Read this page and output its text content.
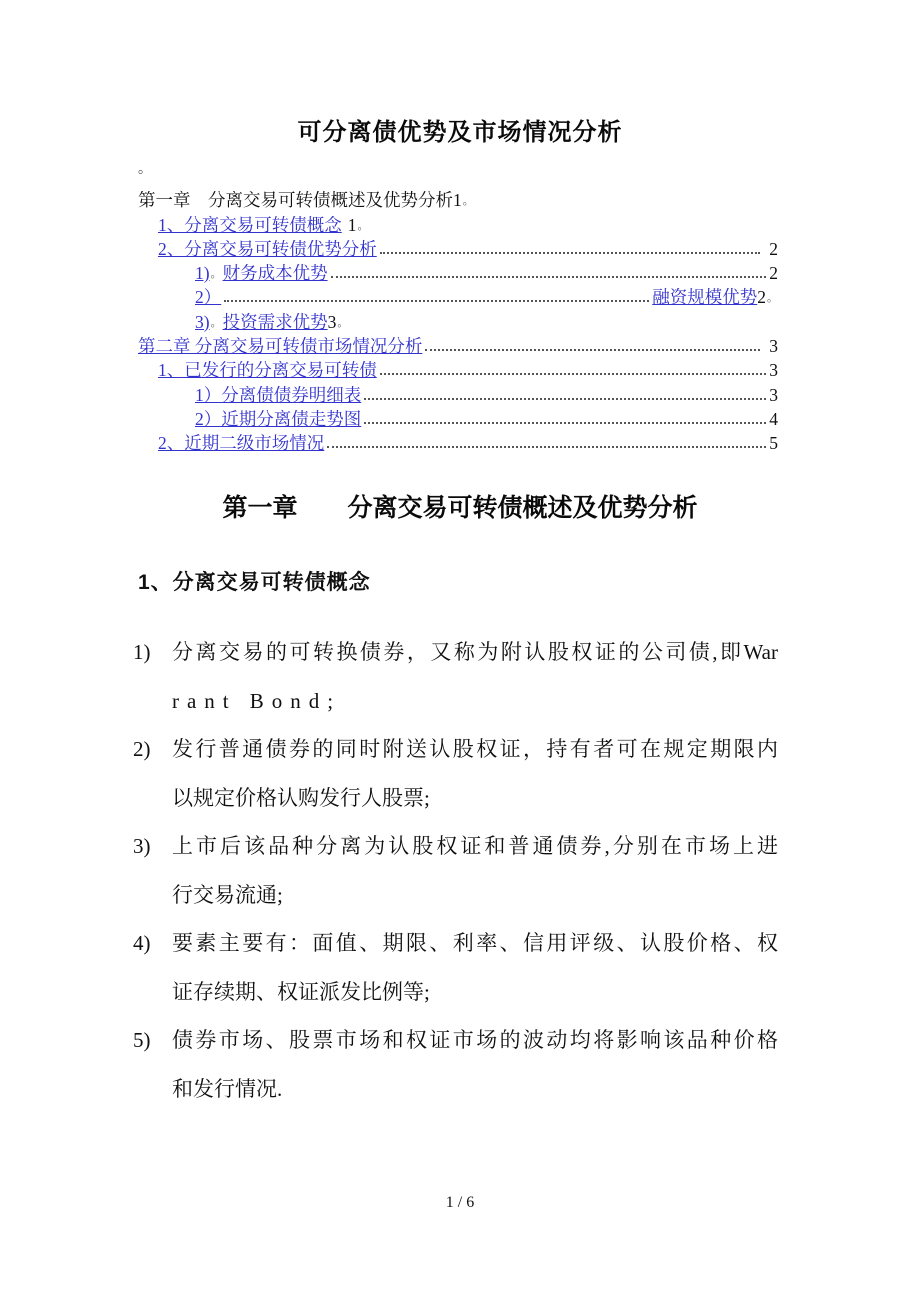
可分离债优势及市场情况分析
。
第一章　分离交易可转债概述及优势分析 1 。
1、分离交易可转债概念 1 。
2、分离交易可转债优势分析	2
1) 。 财务成本优势	2
2）	融资规模优势 2 。
3) 。 投资需求优势 3 。
第二章 分离交易可转债市场情况分析	3
1、已发行的分离交易可转债	3
1）分离债债券明细表	3
2）近期分离债走势图	4
2、近期二级市场情况	5
第一章　　分离交易可转债概述及优势分析
1、分离交易可转债概念
1)	分离交易的可转换债券，又称为附认股权证的公司债,即War
rant Bond;
2)	发行普通债券的同时附送认股权证，持有者可在规定期限内
以规定价格认购发行人股票;
3)	上市后该品种分离为认股权证和普通债券,分别在市场上进
行交易流通;
4)	要素主要有：面值、期限、利率、信用评级、认股价格、权
证存续期、权证派发比例等;
5)	债券市场、股票市场和权证市场的波动均将影响该品种价格
和发行情况.
1 / 6
